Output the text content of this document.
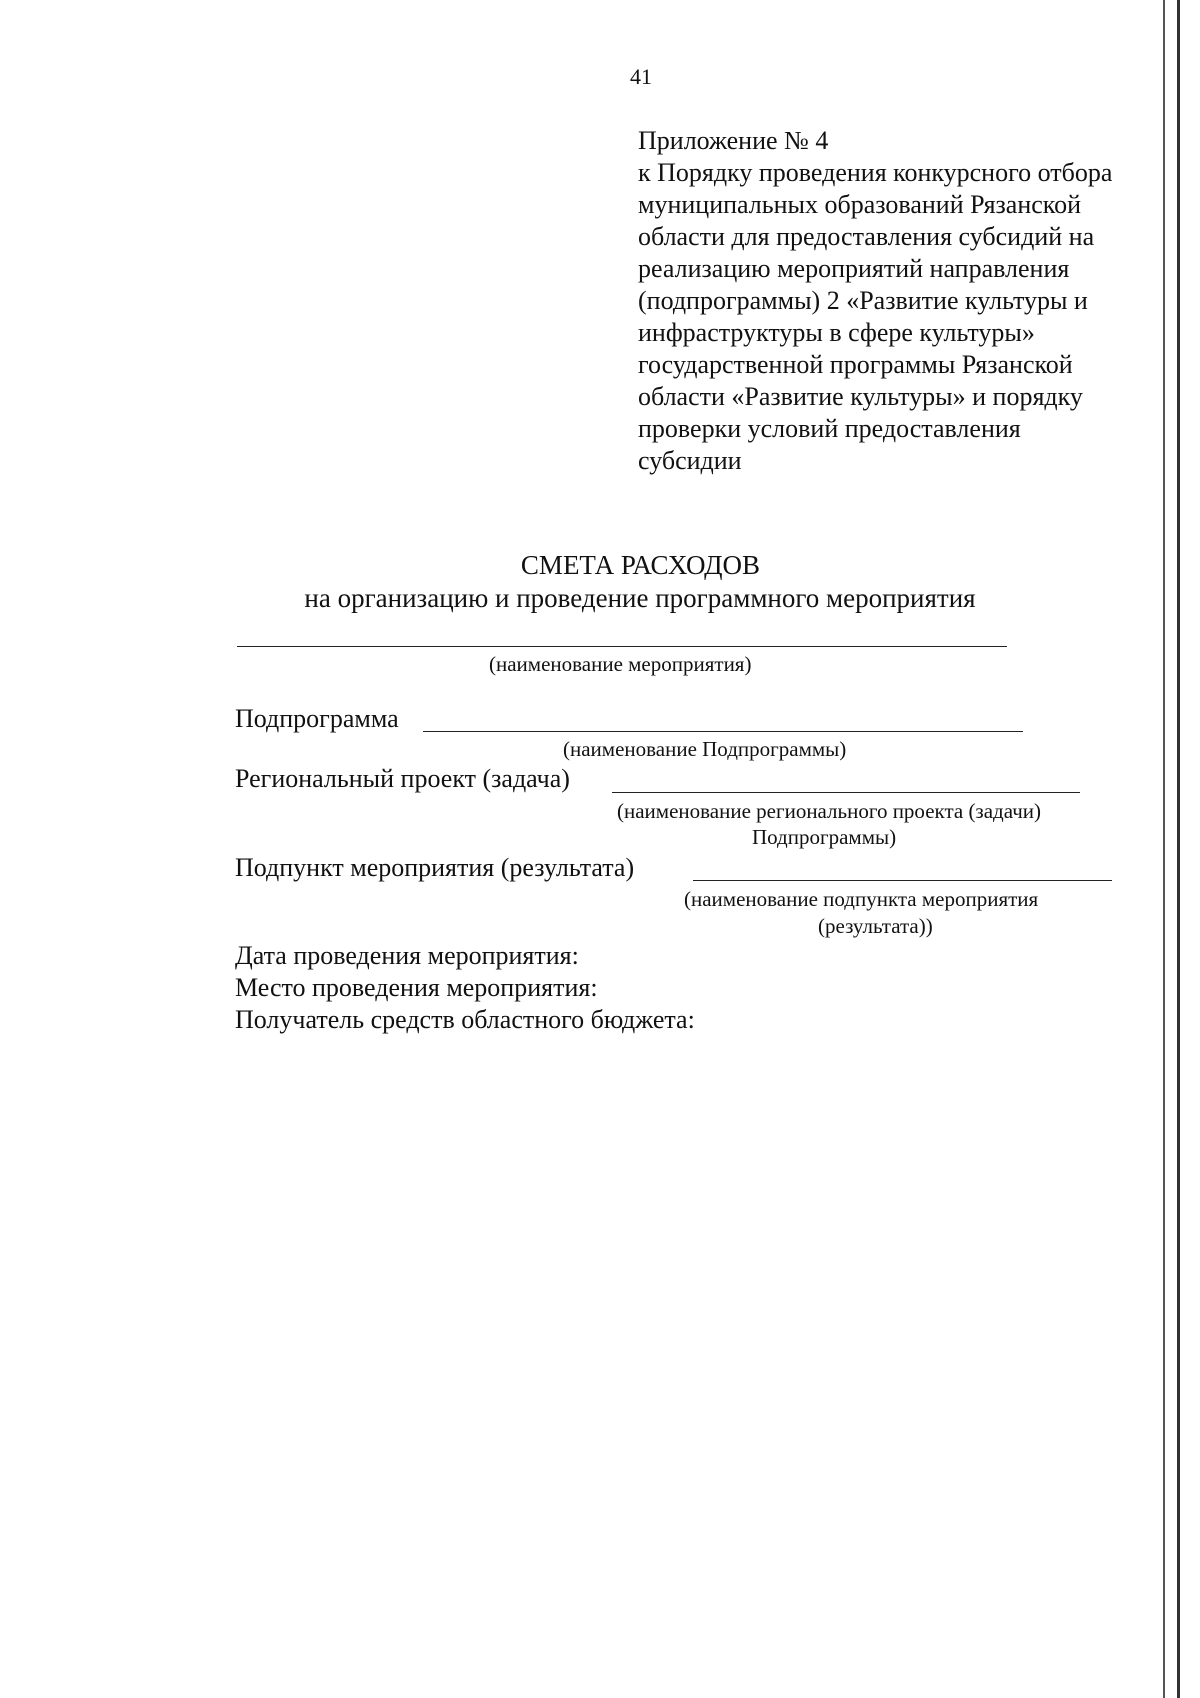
41
Приложение № 4
к Порядку проведения конкурсного отбора
муниципальных образований Рязанской
области для предоставления субсидий на
реализацию мероприятий направления
(подпрограммы) 2 «Развитие культуры и
инфраструктуры в сфере культуры»
государственной программы Рязанской
области «Развитие культуры» и порядку
проверки условий предоставления
субсидии
СМЕТА РАСХОДОВ
на организацию и проведение программного мероприятия
(наименование мероприятия)
Подпрограмма
(наименование Подпрограммы)
Региональный проект (задача)
(наименование регионального проекта (задачи)
Подпрограммы)
Подпункт мероприятия (результата)
(наименование подпункта мероприятия
(результата))
Дата проведения мероприятия:
Место проведения мероприятия:
Получатель средств областного бюджета:
